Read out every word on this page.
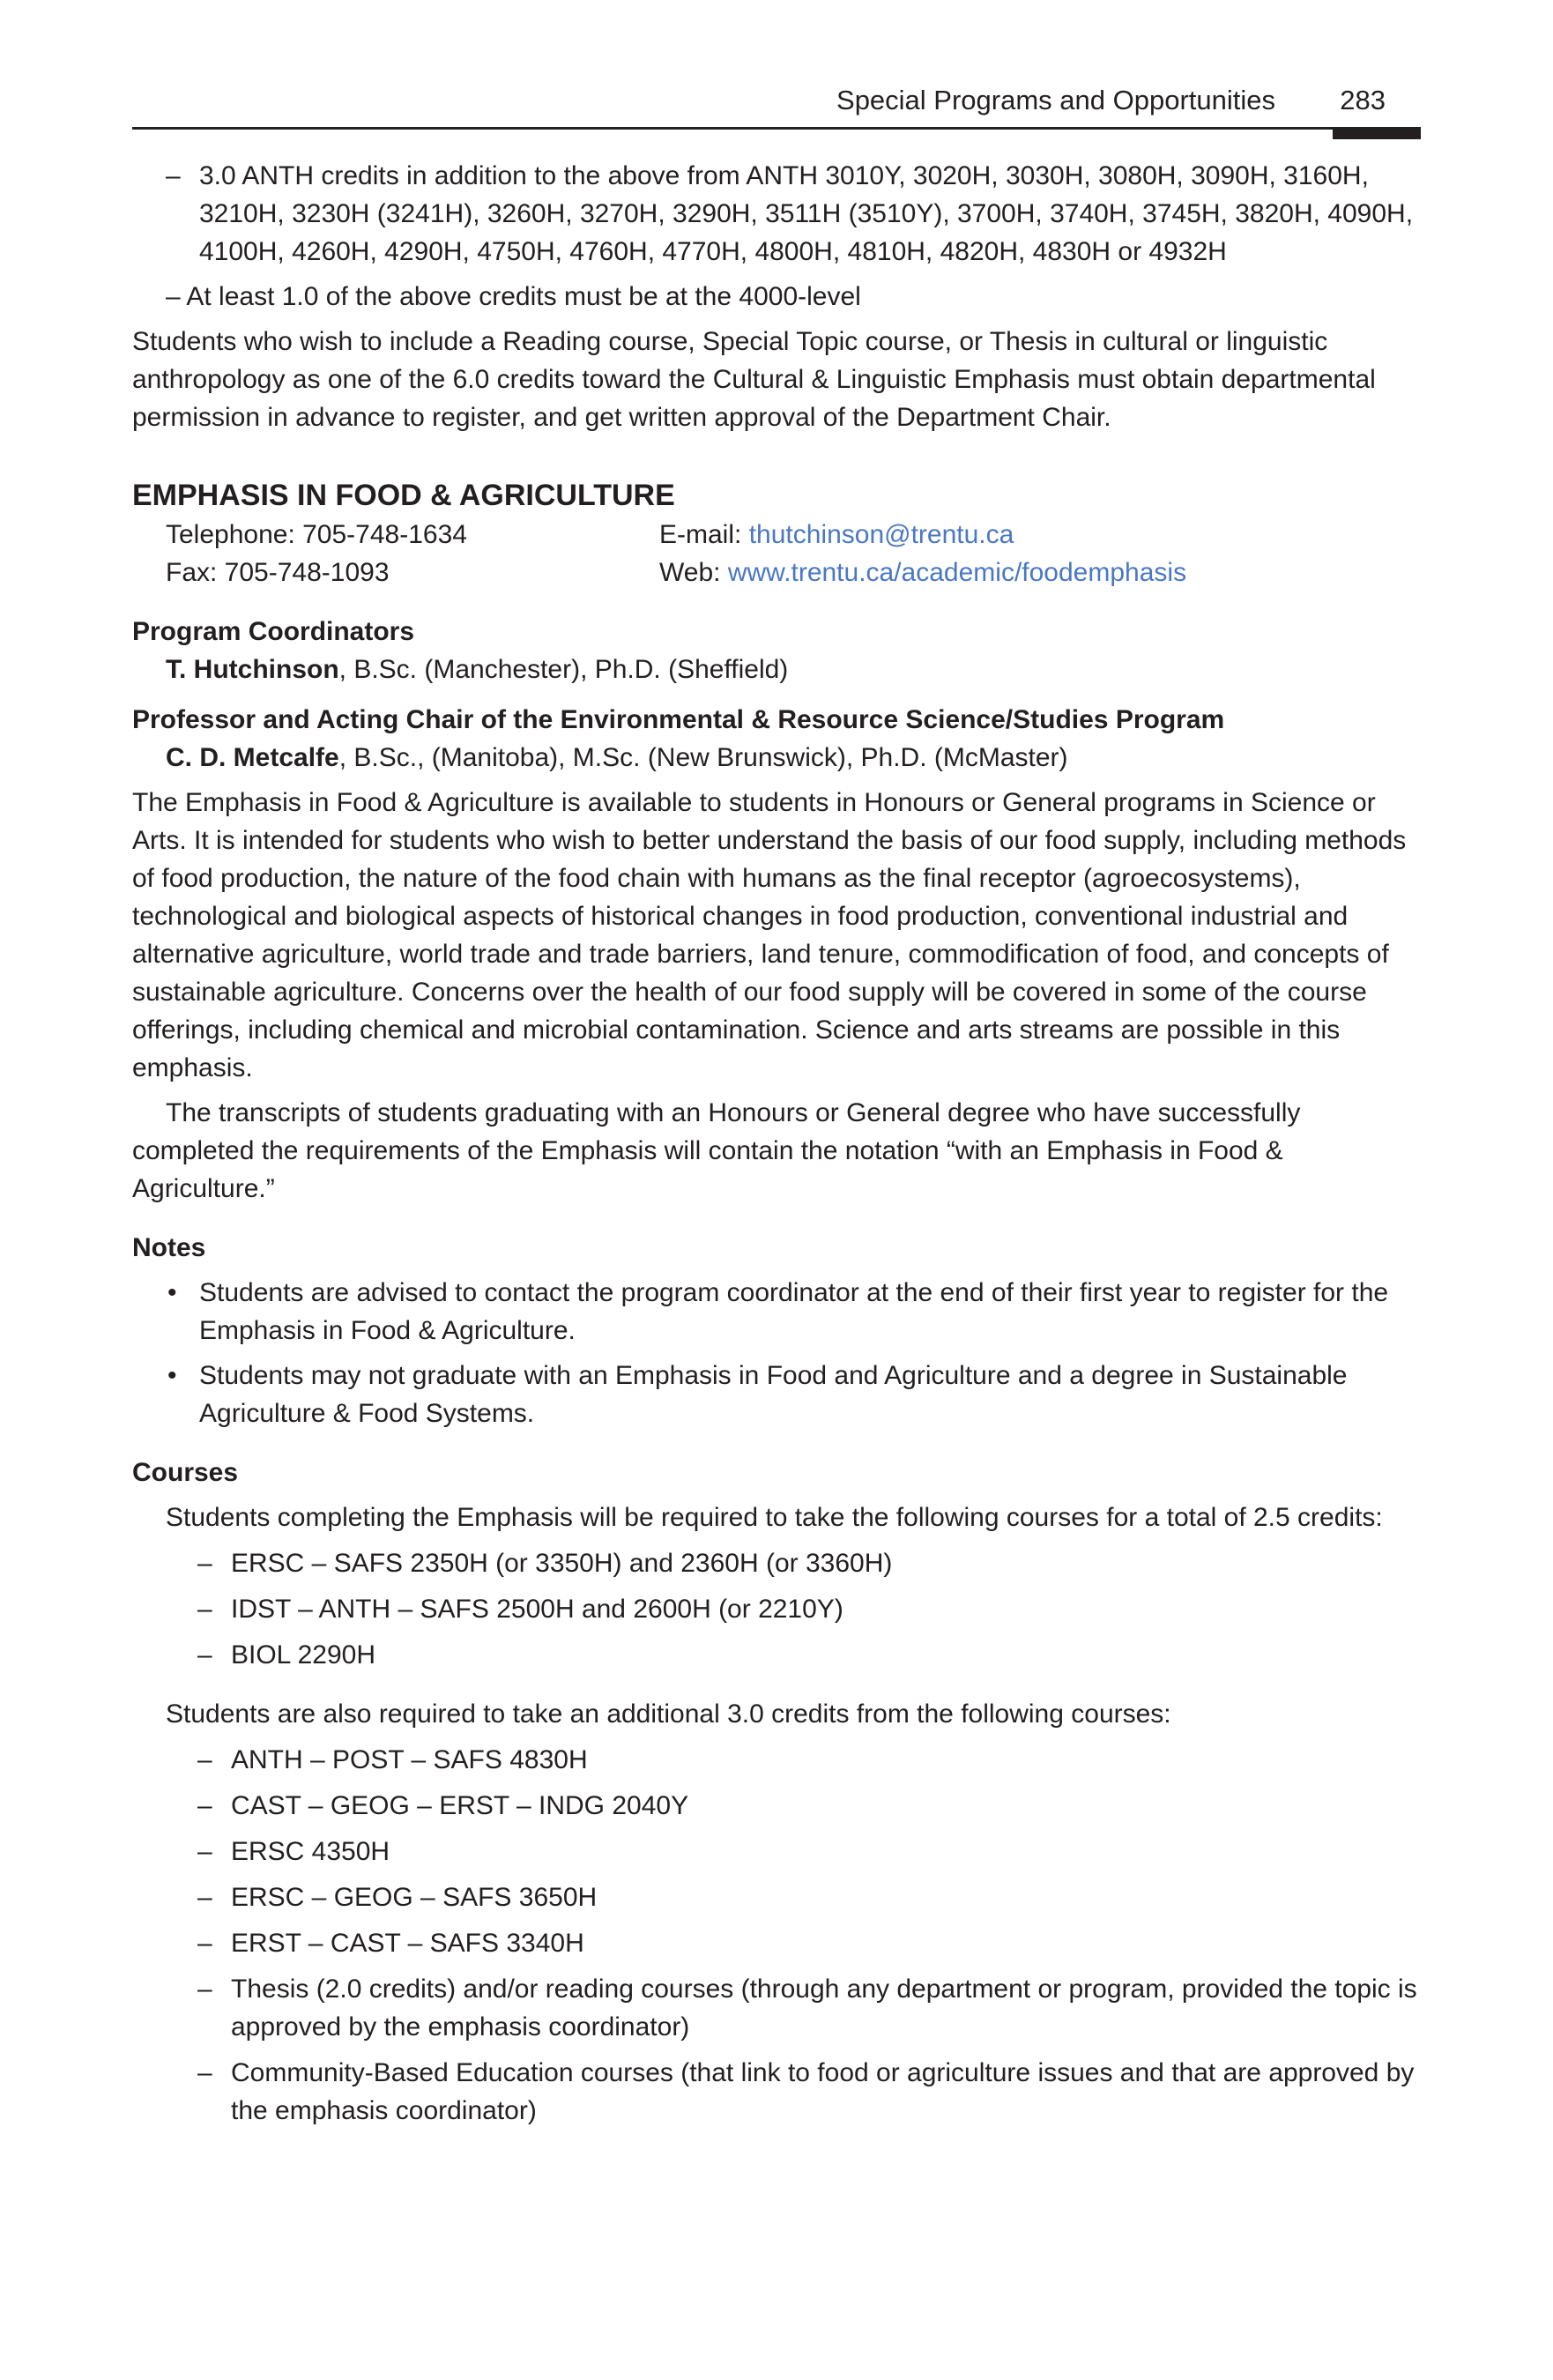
Special Programs and Opportunities 283
– 3.0 ANTH credits in addition to the above from ANTH 3010Y, 3020H, 3030H, 3080H, 3090H, 3160H, 3210H, 3230H (3241H), 3260H, 3270H, 3290H, 3511H (3510Y), 3700H, 3740H, 3745H, 3820H, 4090H, 4100H, 4260H, 4290H, 4750H, 4760H, 4770H, 4800H, 4810H, 4820H, 4830H or 4932H

– At least 1.0 of the above credits must be at the 4000-level

Students who wish to include a Reading course, Special Topic course, or Thesis in cultural or linguistic anthropology as one of the 6.0 credits toward the Cultural & Linguistic Emphasis must obtain departmental permission in advance to register, and get written approval of the Department Chair.

EMPHASIS IN FOOD & AGRICULTURE
Telephone: 705-748-1634
Fax: 705-748-1093
E-mail: thutchinson@trentu.ca
Web: www.trentu.ca/academic/foodemphasis

Program Coordinators

T. Hutchinson, B.Sc. (Manchester), Ph.D. (Sheffield)

Professor and Acting Chair of the Environmental & Resource Science/Studies Program

C. D. Metcalfe, B.Sc., (Manitoba), M.Sc. (New Brunswick), Ph.D. (McMaster)

The Emphasis in Food & Agriculture is available to students in Honours or General programs in Science or Arts. It is intended for students who wish to better understand the basis of our food supply, including methods of food production, the nature of the food chain with humans as the final receptor (agroecosystems), technological and biological aspects of historical changes in food production, conventional industrial and alternative agriculture, world trade and trade barriers, land tenure, commodification of food, and concepts of sustainable agriculture. Concerns over the health of our food supply will be covered in some of the course offerings, including chemical and microbial contamination. Science and arts streams are possible in this emphasis.

The transcripts of students graduating with an Honours or General degree who have successfully completed the requirements of the Emphasis will contain the notation “with an Emphasis in Food & Agriculture.”

Notes

• Students are advised to contact the program coordinator at the end of their first year to register for the Emphasis in Food & Agriculture.
• Students may not graduate with an Emphasis in Food and Agriculture and a degree in Sustainable Agriculture & Food Systems.

Courses

Students completing the Emphasis will be required to take the following courses for a total of 2.5 credits:

– ERSC – SAFS 2350H (or 3350H) and 2360H (or 3360H)
– IDST – ANTH – SAFS 2500H and 2600H (or 2210Y)
– BIOL 2290H

Students are also required to take an additional 3.0 credits from the following courses:

– ANTH – POST – SAFS 4830H
– CAST – GEOG – ERST – INDG 2040Y
– ERSC 4350H
– ERSC – GEOG – SAFS 3650H
– ERST – CAST – SAFS 3340H
– Thesis (2.0 credits) and/or reading courses (through any department or program, provided the topic is approved by the emphasis coordinator)
– Community-Based Education courses (that link to food or agriculture issues and that are approved by the emphasis coordinator)
